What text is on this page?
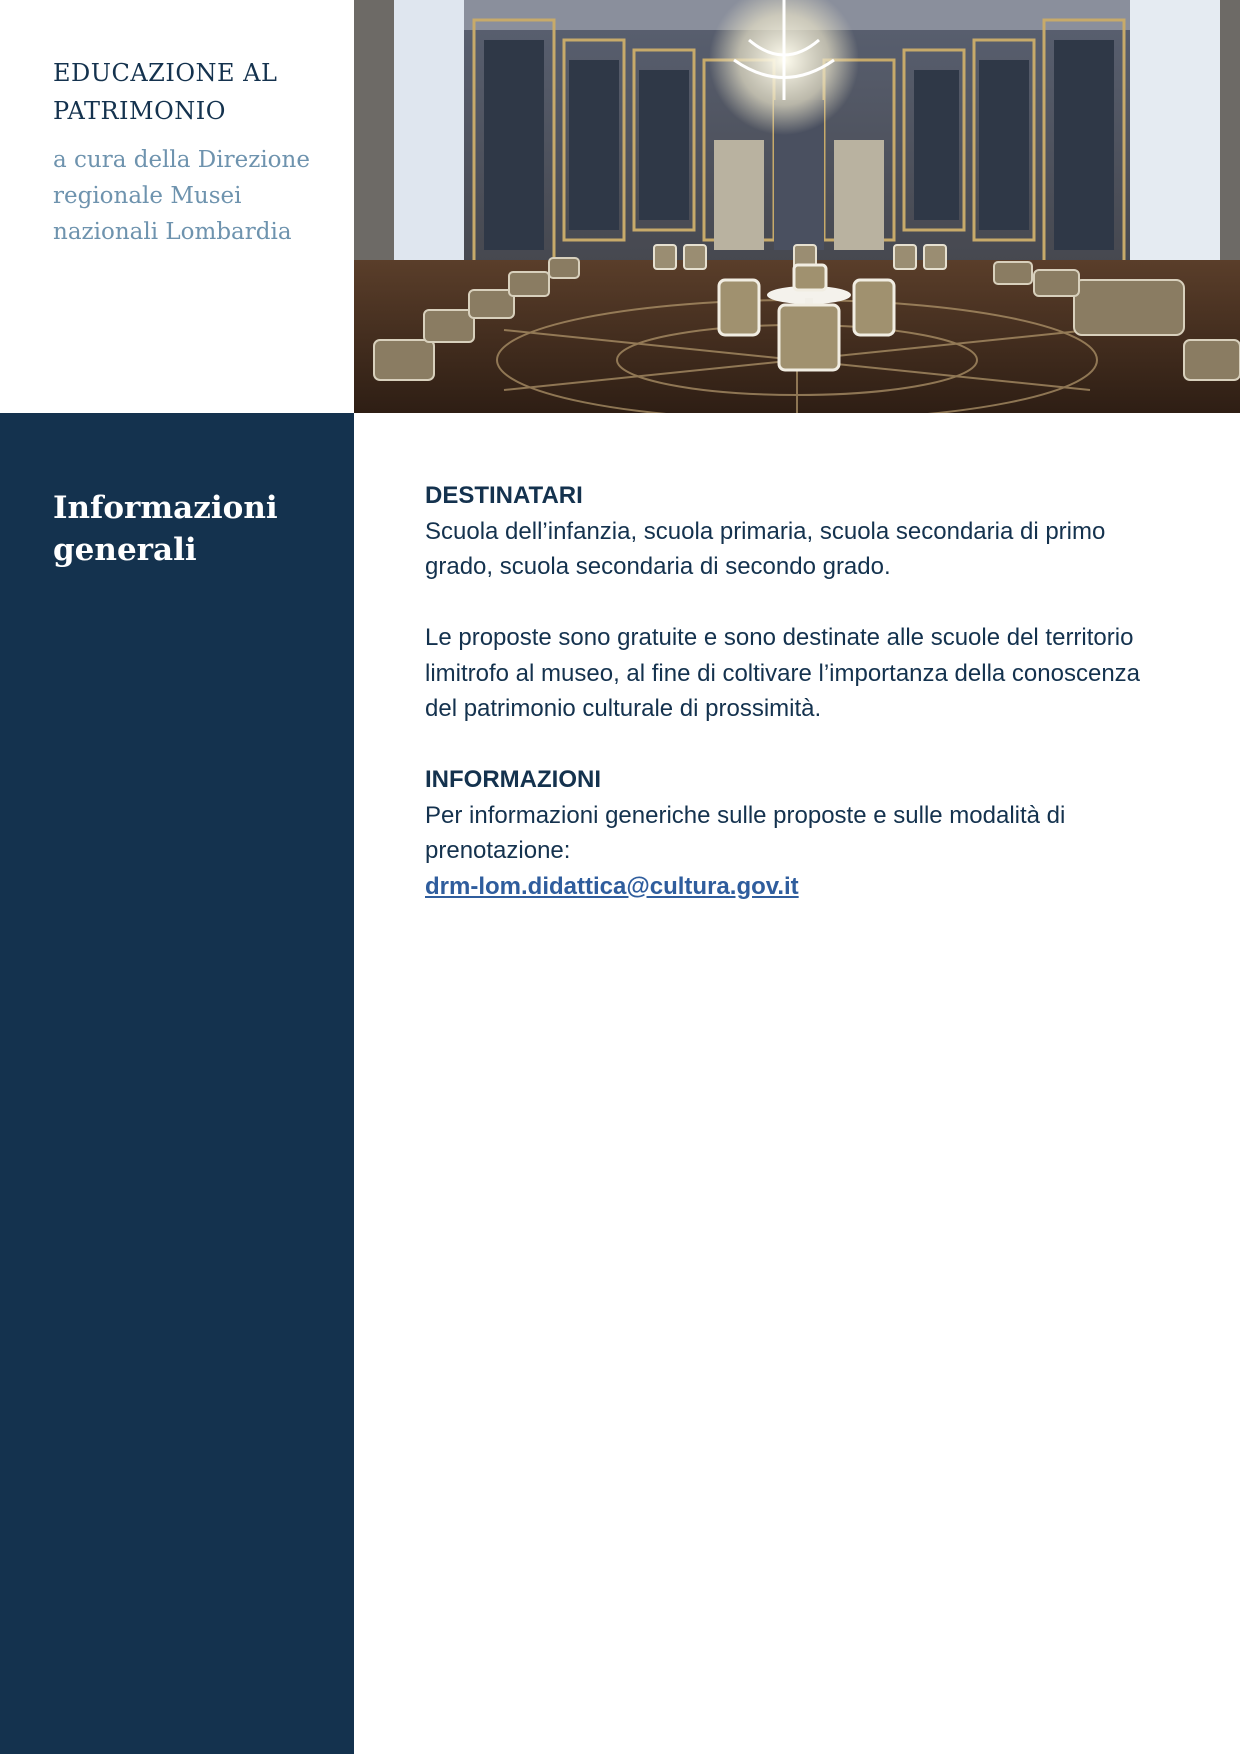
EDUCAZIONE AL
PATRIMONIO

a cura della Direzione
regionale Musei
nazionali Lombardia

Informazioni
generali

DESTINATARI

Scuola dell’infanzia, scuola primaria, scuola secondaria di primo grado, scuola secondaria di secondo grado.

Le proposte sono gratuite e sono destinate alle scuole del territorio limitrofo al museo, al fine di coltivare l’importanza della conoscenza del patrimonio culturale di prossimità.

INFORMAZIONI

Per informazioni generiche sulle proposte e sulle modalità di prenotazione:

drm-lom.didattica@cultura.gov.it
